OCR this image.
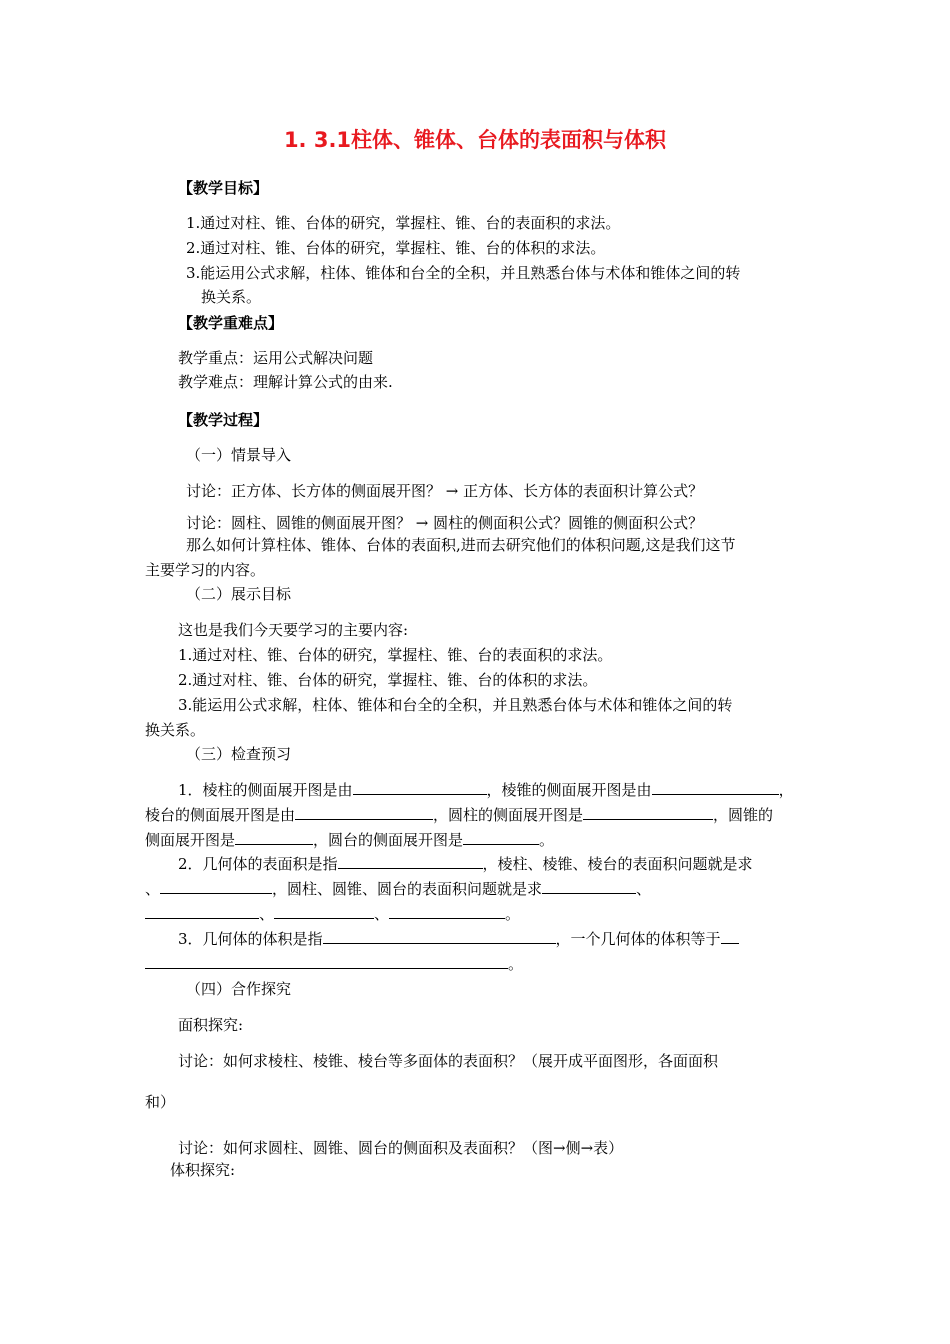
1. 3.1柱体、锥体、台体的表面积与体积
【教学目标】
1.通过对柱、锥、台体的研究，掌握柱、锥、台的表面积的求法。
2.通过对柱、锥、台体的研究，掌握柱、锥、台的体积的求法。
3.能运用公式求解，柱体、锥体和台全的全积，并且熟悉台体与术体和锥体之间的转
换关系。
【教学重难点】
教学重点：运用公式解决问题
教学难点：理解计算公式的由来.
【教学过程】
（一）情景导入
讨论：正方体、长方体的侧面展开图？ → 正方体、长方体的表面积计算公式？
讨论：圆柱、圆锥的侧面展开图？ → 圆柱的侧面积公式？圆锥的侧面积公式？
那么如何计算柱体、锥体、台体的表面积,进而去研究他们的体积问题,这是我们这节
主要学习的内容。
（二）展示目标
这也是我们今天要学习的主要内容:
1.通过对柱、锥、台体的研究，掌握柱、锥、台的表面积的求法。
2.通过对柱、锥、台体的研究，掌握柱、锥、台的体积的求法。
3.能运用公式求解，柱体、锥体和台全的全积，并且熟悉台体与术体和锥体之间的转
换关系。
（三）检查预习
1．棱柱的侧面展开图是由	，棱锥的侧面展开图是由	，
棱台的侧面展开图是由	，圆柱的侧面展开图是	，圆锥的
侧面展开图是	，圆台的侧面展开图是	。
2．几何体的表面积是指	，棱柱、棱锥、棱台的表面积问题就是求
、	，圆柱、圆锥、圆台的表面积问题就是求	、
、	、	。
3．几何体的体积是指	，一个几何体的体积等于
。
（四）合作探究
面积探究:
讨论：如何求棱柱、棱锥、棱台等多面体的表面积？（展开成平面图形，各面面积
和）
讨论：如何求圆柱、圆锥、圆台的侧面积及表面积？（图→侧→表）
体积探究:
